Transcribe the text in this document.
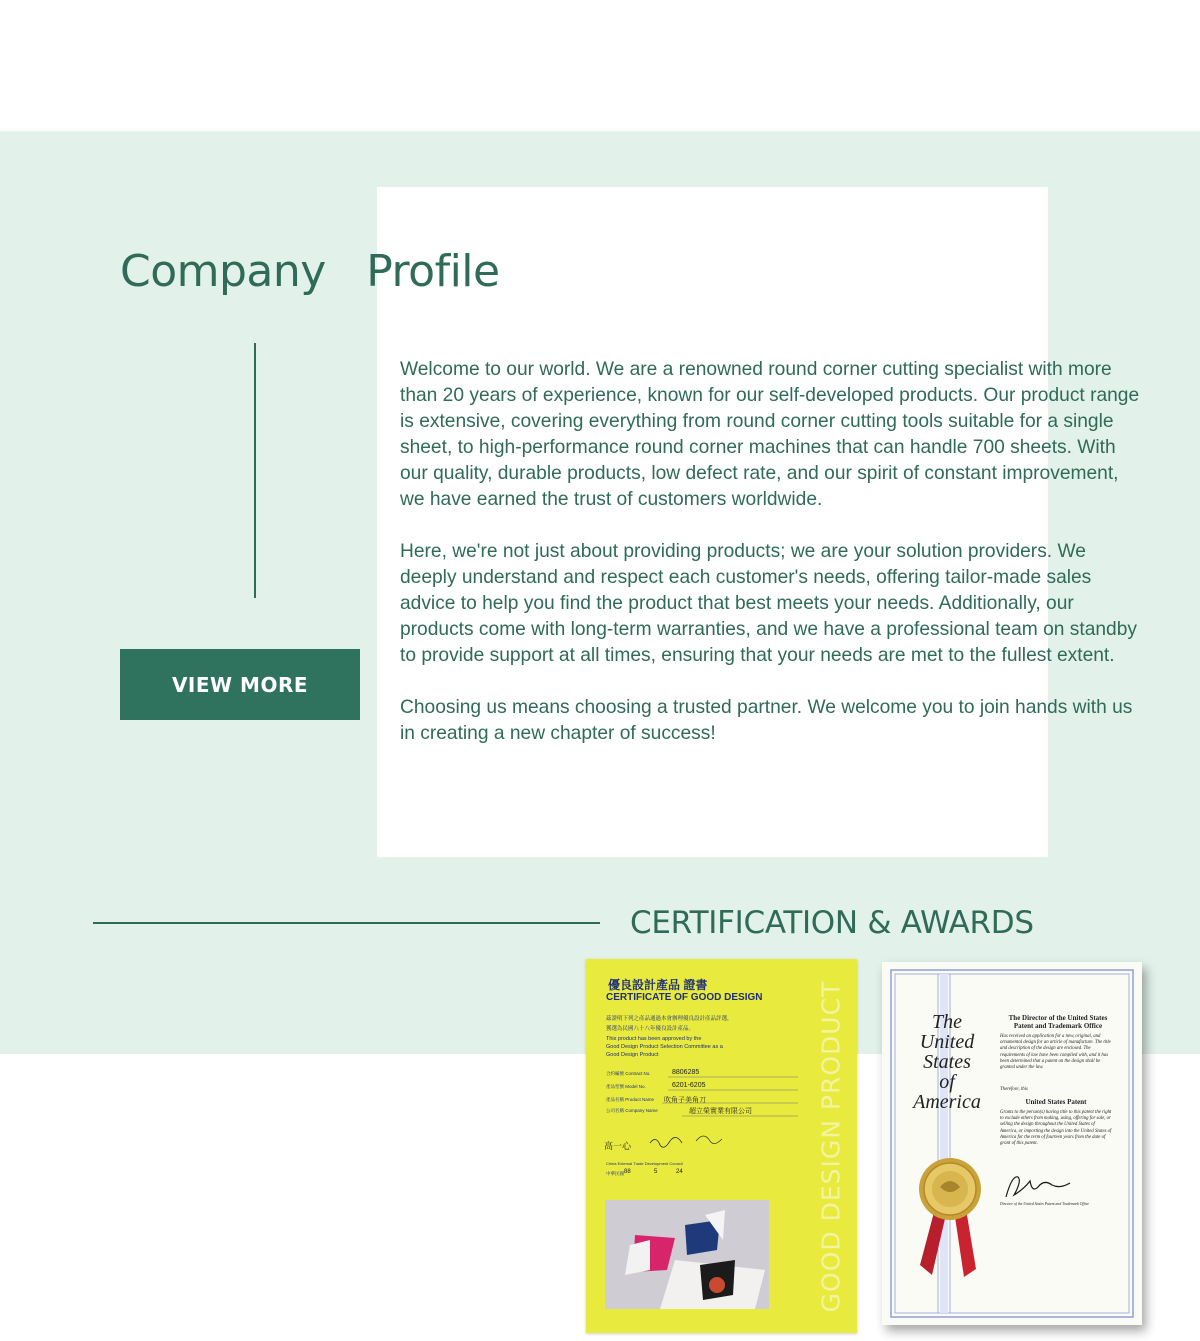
Company   Profile
VIEW MORE

Welcome to our world. We are a renowned round corner cutting specialist with more than 20 years of experience, known for our self-developed products. Our product range is extensive, covering everything from round corner cutting tools suitable for a single sheet, to high-performance round corner machines that can handle 700 sheets. With our quality, durable products, low defect rate, and our spirit of constant improvement, we have earned the trust of customers worldwide.

Here, we're not just about providing products; we are your solution providers. We deeply understand and respect each customer's needs, offering tailor-made sales advice to help you find the product that best meets your needs. Additionally, our products come with long-term warranties, and we have a professional team on standby to provide support at all times, ensuring that your needs are met to the fullest extent.

Choosing us means choosing a trusted partner. We welcome you to join hands with us in creating a new chapter of success!

CERTIFICATION & AWARDS
優良設計產品 證書
CERTIFICATE OF GOOD DESIGN
茲證明下列之產品通過本會辦理優良設計產品評選，
獲選為民國八十八年優良設計產品。
This product has been approved by the
Good Design Product Selection Committee as a
Good Design Product
合約編號 Contract No.	8806285
產品型號 Model No.	6201-6205
產品名稱 Product Name 吹角子美角刀
公司名稱 Company Name	超立榮實業有限公司
高一心
China External Trade Development Council
中華民國 88	5	24	GOOD DESIGN PRODUCT	The
United
States
of
America
The Director of the United States
Patent and Trademark Office
Has received an application for a new, original, and ornamental design for an article of manufacture. The title and description of the design are enclosed. The requirements of law have been complied with, and it has been determined that a patent on the design shall be granted under the law.
Therefore, this
United States Patent
Grants to the person(s) having title to this patent the right to exclude others from making, using, offering for sale, or selling the design throughout the United States of America, or importing the design into the United States of America for the term of fourteen years from the date of grant of this patent.
Director of the United States Patent and Trademark Office
